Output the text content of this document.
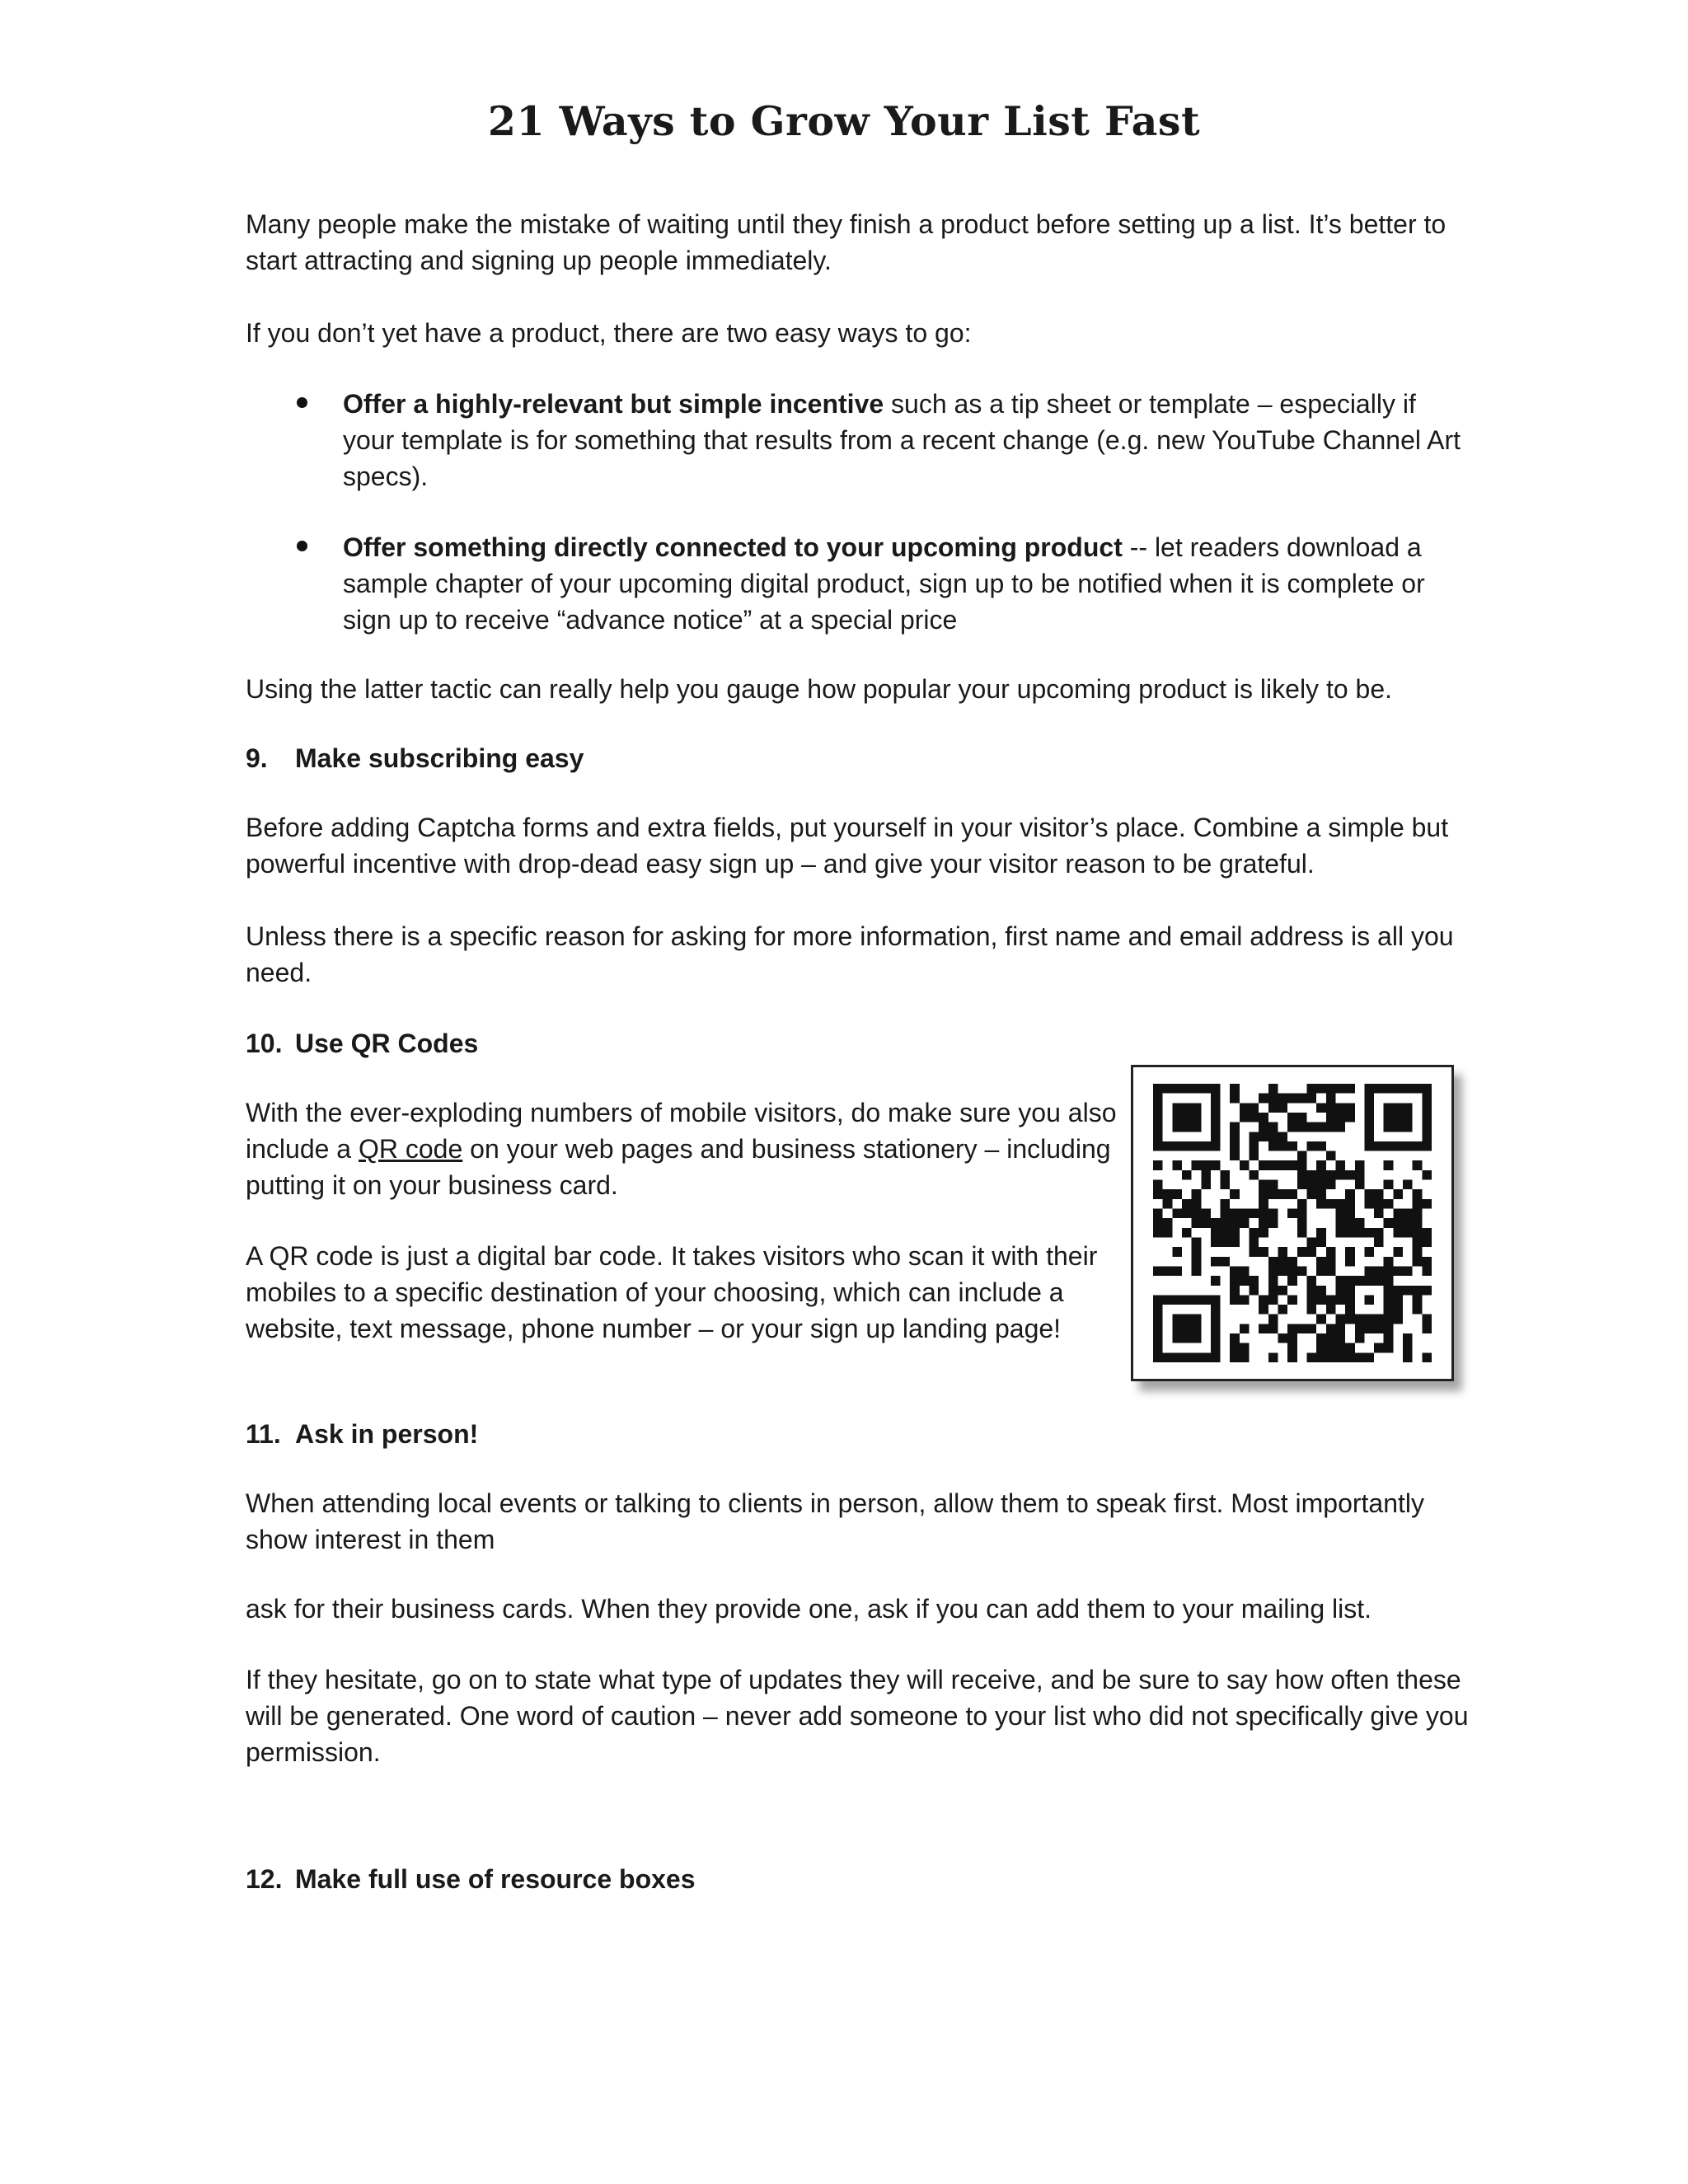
21 Ways to Grow Your List Fast

Many people make the mistake of waiting until they finish a product before setting up a list. It’s better to start attracting and signing up people immediately.

If you don’t yet have a product, there are two easy ways to go:

Offer a highly-relevant but simple incentive such as a tip sheet or template – especially if your template is for something that results from a recent change (e.g. new YouTube Channel Art specs).
Offer something directly connected to your upcoming product -- let readers download a sample chapter of your upcoming digital product, sign up to be notified when it is complete or sign up to receive “advance notice” at a special price

Using the latter tactic can really help you gauge how popular your upcoming product is likely to be.

9. Make subscribing easy

Before adding Captcha forms and extra fields, put yourself in your visitor’s place. Combine a simple but powerful incentive with drop-dead easy sign up – and give your visitor reason to be grateful.

Unless there is a specific reason for asking for more information, first name and email address is all you need.

10. Use QR Codes

With the ever-exploding numbers of mobile visitors, do make sure you also include a QR code on your web pages and business stationery – including putting it on your business card.

A QR code is just a digital bar code. It takes visitors who scan it with their mobiles to a specific destination of your choosing, which can include a website, text message, phone number – or your sign up landing page!

11. Ask in person!

When attending local events or talking to clients in person, allow them to speak first. Most importantly show interest in them

ask for their business cards. When they provide one, ask if you can add them to your mailing list.

If they hesitate, go on to state what type of updates they will receive, and be sure to say how often these will be generated. One word of caution – never add someone to your list who did not specifically give you permission.

12. Make full use of resource boxes
